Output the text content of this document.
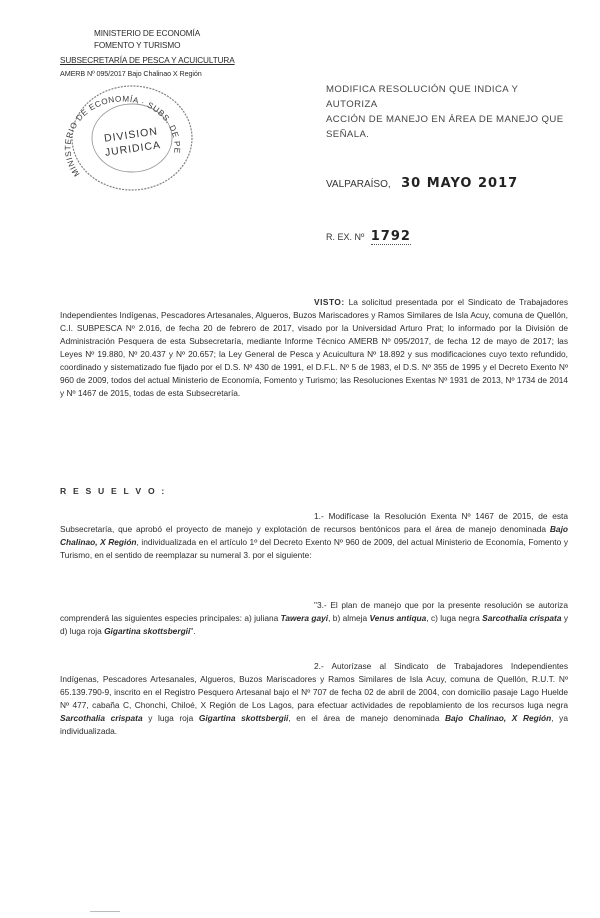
MINISTERIO DE ECONOMÍA
FOMENTO Y TURISMO
SUBSECRETARÍA DE PESCA Y ACUICULTURA
AMERB Nº 095/2017 Bajo Chalinao X Región
MINISTERIO DE ECONOMÍA · SUBS. DE PE
DIVISION
JURIDICA
MODIFICA RESOLUCIÓN QUE INDICA Y AUTORIZA
ACCIÓN DE MANEJO EN ÁREA DE MANEJO QUE
SEÑALA.
VALPARAÍSO, 30 MAYO 2017
R. EX. Nº 1792
VISTO: La solicitud presentada por el Sindicato de Trabajadores Independientes Indígenas, Pescadores Artesanales, Algueros, Buzos Mariscadores y Ramos Similares de Isla Acuy, comuna de Quellón, C.I. SUBPESCA Nº 2.016, de fecha 20 de febrero de 2017, visado por la Universidad Arturo Prat; lo informado por la División de Administración Pesquera de esta Subsecretaría, mediante Informe Técnico AMERB Nº 095/2017, de fecha 12 de mayo de 2017; las Leyes Nº 19.880, Nº 20.437 y Nº 20.657; la Ley General de Pesca y Acuicultura Nº 18.892 y sus modificaciones cuyo texto refundido, coordinado y sistematizado fue fijado por el D.S. Nº 430 de 1991, el D.F.L. Nº 5 de 1983, el D.S. Nº 355 de 1995 y el Decreto Exento Nº 960 de 2009, todos del actual Ministerio de Economía, Fomento y Turismo; las Resoluciones Exentas Nº 1931 de 2013, Nº 1734 de 2014 y Nº 1467 de 2015, todas de esta Subsecretaría.
R E S U E L V O :
1.- Modifícase la Resolución Exenta Nº 1467 de 2015, de esta Subsecretaría, que aprobó el proyecto de manejo y explotación de recursos bentónicos para el área de manejo denominada Bajo Chalinao, X Región, individualizada en el artículo 1º del Decreto Exento Nº 960 de 2009, del actual Ministerio de Economía, Fomento y Turismo, en el sentido de reemplazar su numeral 3. por el siguiente:
"3.- El plan de manejo que por la presente resolución se autoriza comprenderá las siguientes especies principales: a) juliana Tawera gayi, b) almeja Venus antiqua, c) luga negra Sarcothalia crispata y d) luga roja Gigartina skottsbergii".
2.- Autorízase al Sindicato de Trabajadores Independientes Indígenas, Pescadores Artesanales, Algueros, Buzos Mariscadores y Ramos Similares de Isla Acuy, comuna de Quellón, R.U.T. Nº 65.139.790-9, inscrito en el Registro Pesquero Artesanal bajo el Nº 707 de fecha 02 de abril de 2004, con domicilio pasaje Lago Huelde Nº 477, cabaña C, Chonchi, Chiloé, X Región de Los Lagos, para efectuar actividades de repoblamiento de los recursos luga negra Sarcothalia crispata y luga roja Gigartina skottsbergii, en el área de manejo denominada Bajo Chalinao, X Región, ya individualizada.
